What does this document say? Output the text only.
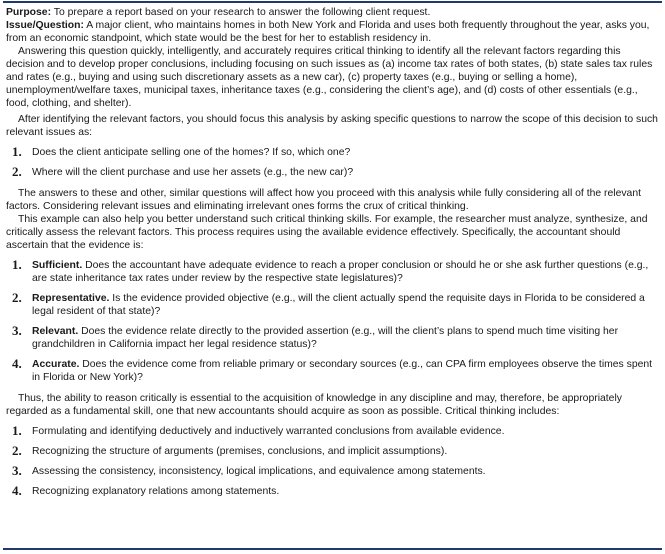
Purpose: To prepare a report based on your research to answer the following client request.

Issue/Question: A major client, who maintains homes in both New York and Florida and uses both frequently throughout the year, asks you, from an economic standpoint, which state would be the best for her to establish residency in.

Answering this question quickly, intelligently, and accurately requires critical thinking to identify all the relevant factors regarding this decision and to develop proper conclusions, including focusing on such issues as (a) income tax rates of both states, (b) state sales tax rules and rates (e.g., buying and using such discretionary assets as a new car), (c) property taxes (e.g., buying or selling a home), unemployment/welfare taxes, municipal taxes, inheritance taxes (e.g., considering the client’s age), and (d) costs of other essentials (e.g., food, clothing, and shelter).

After identifying the relevant factors, you should focus this analysis by asking specific questions to narrow the scope of this decision to such relevant issues as:

1. Does the client anticipate selling one of the homes? If so, which one?
2. Where will the client purchase and use her assets (e.g., the new car)?

The answers to these and other, similar questions will affect how you proceed with this analysis while fully considering all of the relevant factors. Considering relevant issues and eliminating irrelevant ones forms the crux of critical thinking.

This example can also help you better understand such critical thinking skills. For example, the researcher must analyze, synthesize, and critically assess the relevant factors. This process requires using the available evidence effectively. Specifically, the accountant should ascertain that the evidence is:

1. Sufficient. Does the accountant have adequate evidence to reach a proper conclusion or should he or she ask further questions (e.g., are state inheritance tax rates under review by the respective state legislatures)?
2. Representative. Is the evidence provided objective (e.g., will the client actually spend the requisite days in Florida to be considered a legal resident of that state)?
3. Relevant. Does the evidence relate directly to the provided assertion (e.g., will the client’s plans to spend much time visiting her grandchildren in California impact her legal residence status)?
4. Accurate. Does the evidence come from reliable primary or secondary sources (e.g., can CPA firm employees observe the times spent in Florida or New York)?

Thus, the ability to reason critically is essential to the acquisition of knowledge in any discipline and may, therefore, be appropriately regarded as a fundamental skill, one that new accountants should acquire as soon as possible. Critical thinking includes:

1. Formulating and identifying deductively and inductively warranted conclusions from available evidence.
2. Recognizing the structure of arguments (premises, conclusions, and implicit assumptions).
3. Assessing the consistency, inconsistency, logical implications, and equivalence among statements.
4. Recognizing explanatory relations among statements.
